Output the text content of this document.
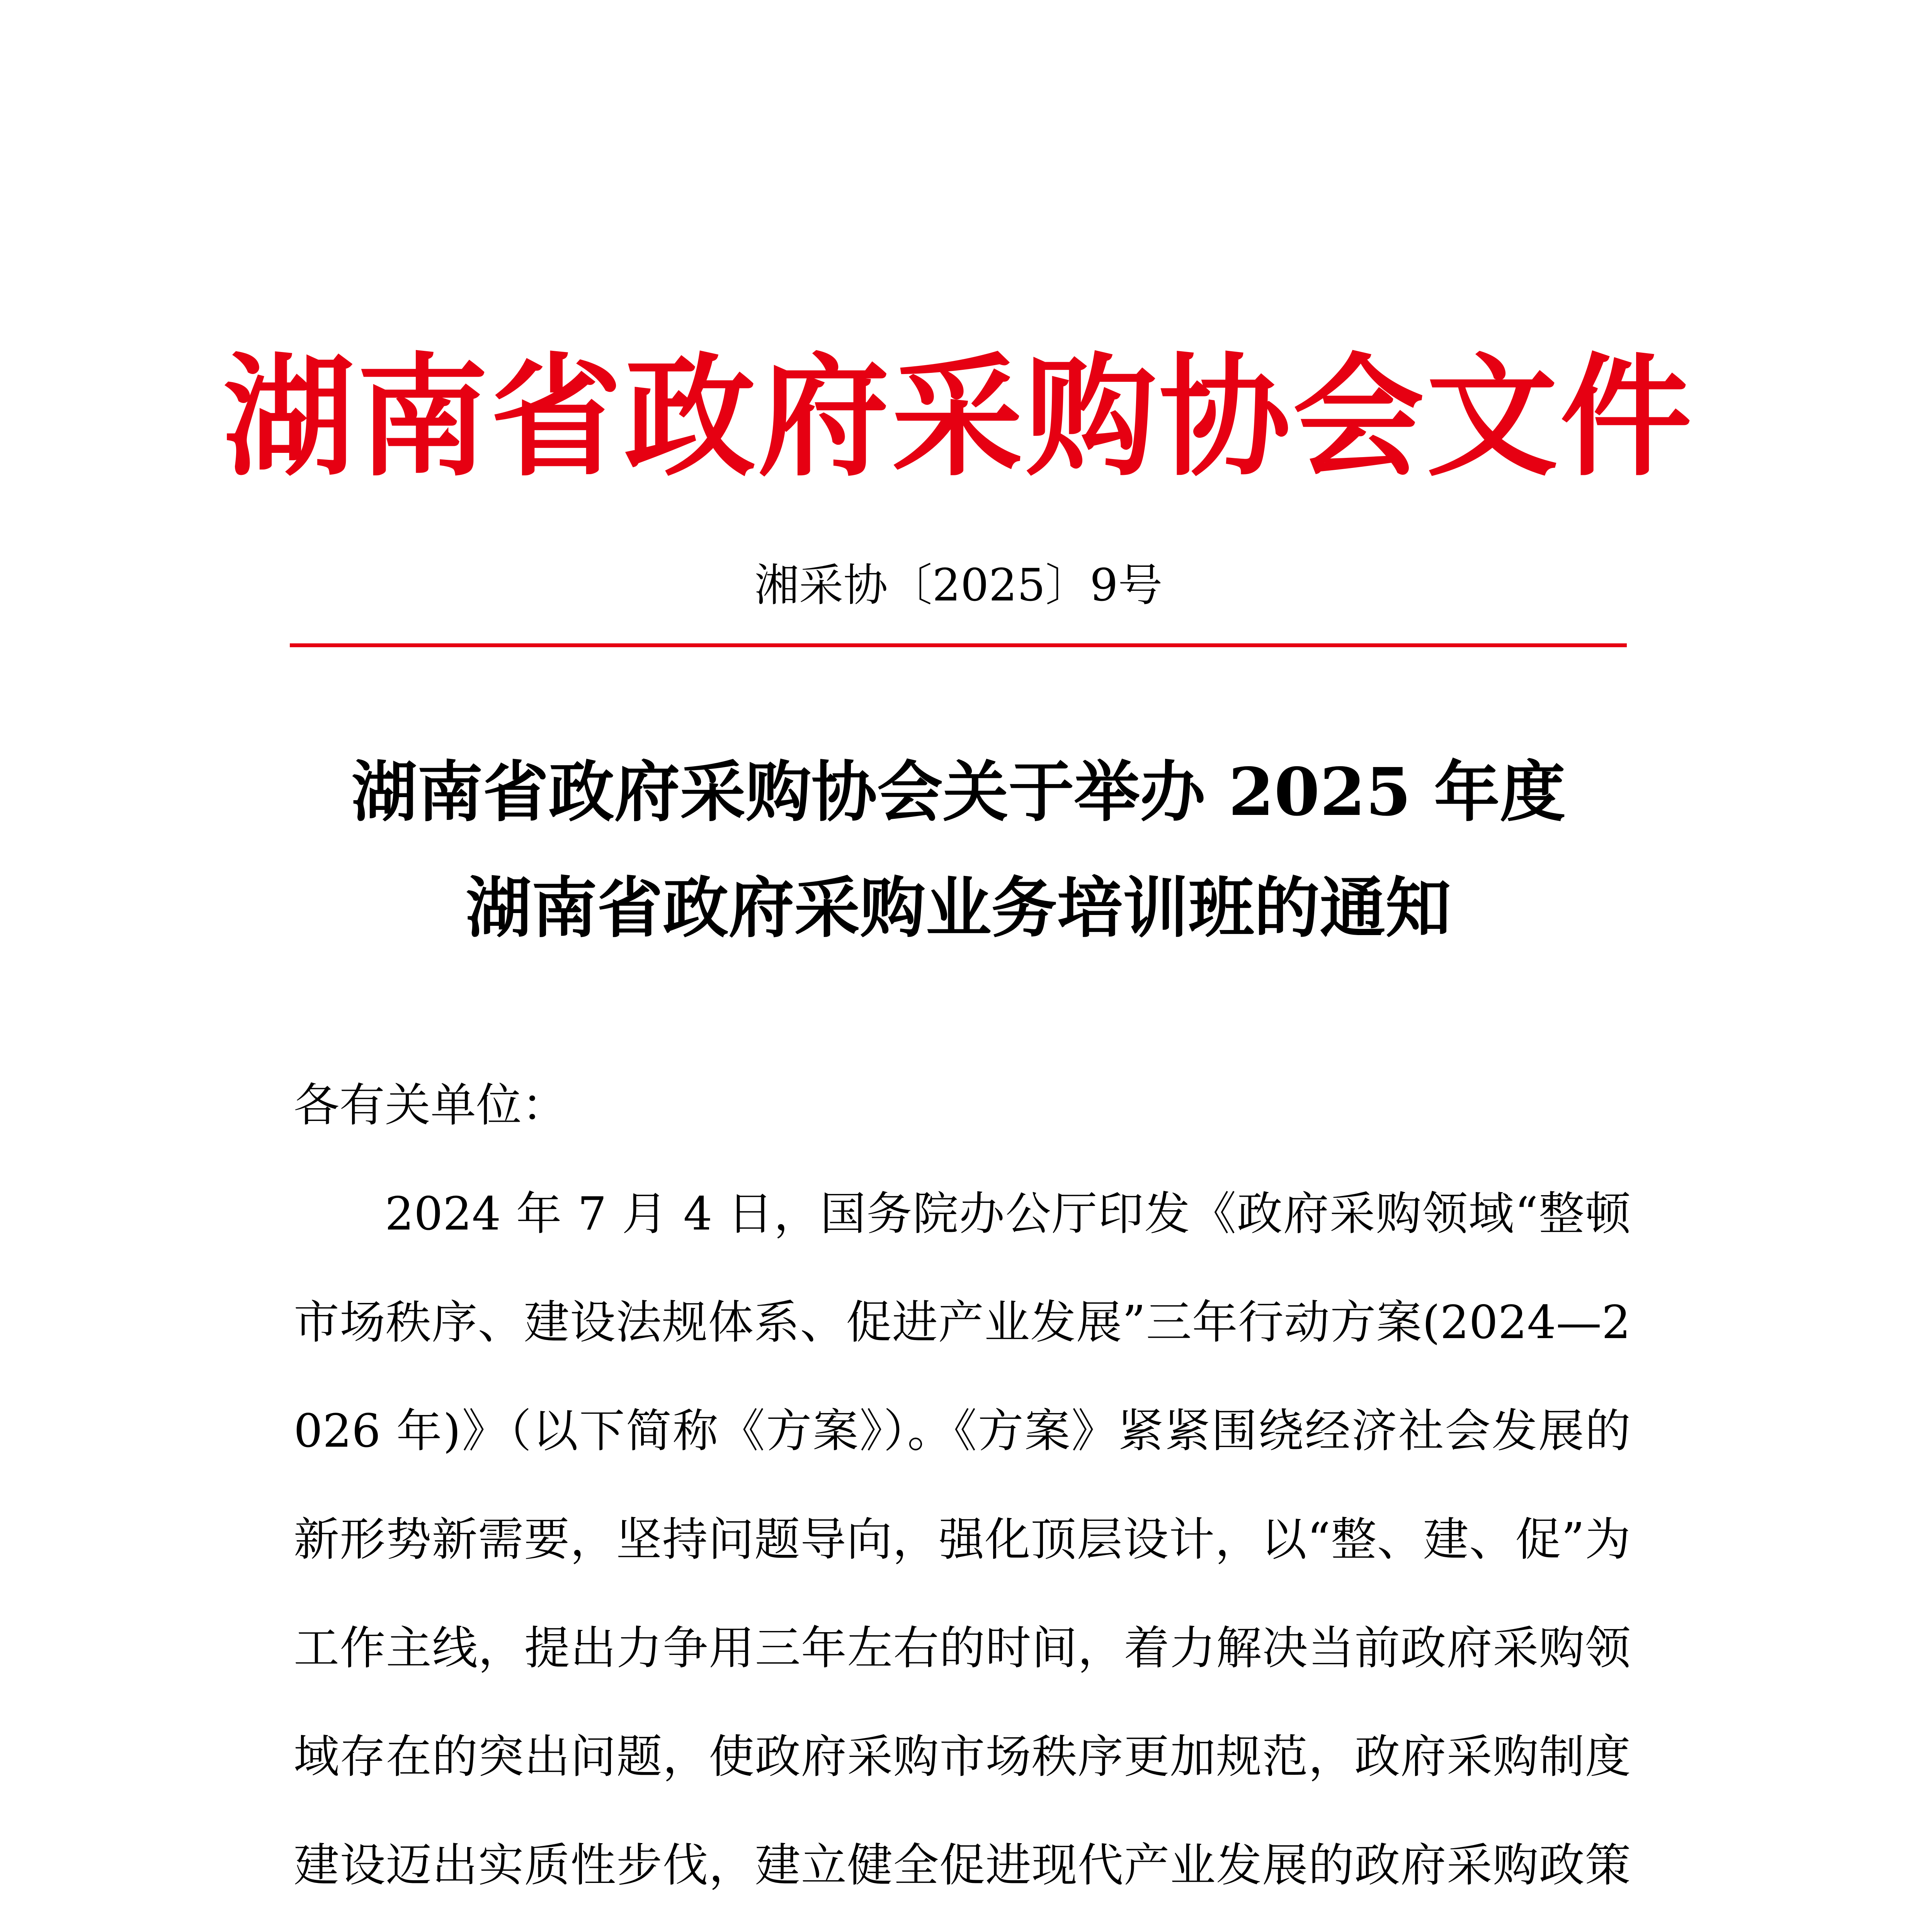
湖南省政府采购协会文件
湘采协〔2025〕9号
湖南省政府采购协会关于举办 2025 年度
湖南省政府采购业务培训班的通知

各有关单位：

2024 年 7 月 4 日，国务院办公厅印发《政府采购领域“整顿市场秩序、建设法规体系、促进产业发展”三年行动方案(2024—2026 年)》（以下简称《方案》）。《方案》紧紧围绕经济社会发展的新形势新需要，坚持问题导向，强化顶层设计，以“整、建、促”为工作主线，提出力争用三年左右的时间，着力解决当前政府采购领域存在的突出问题，使政府采购市场秩序更加规范，政府采购制度建设迈出实质性步伐，建立健全促进现代产业发展的政府采购政策
